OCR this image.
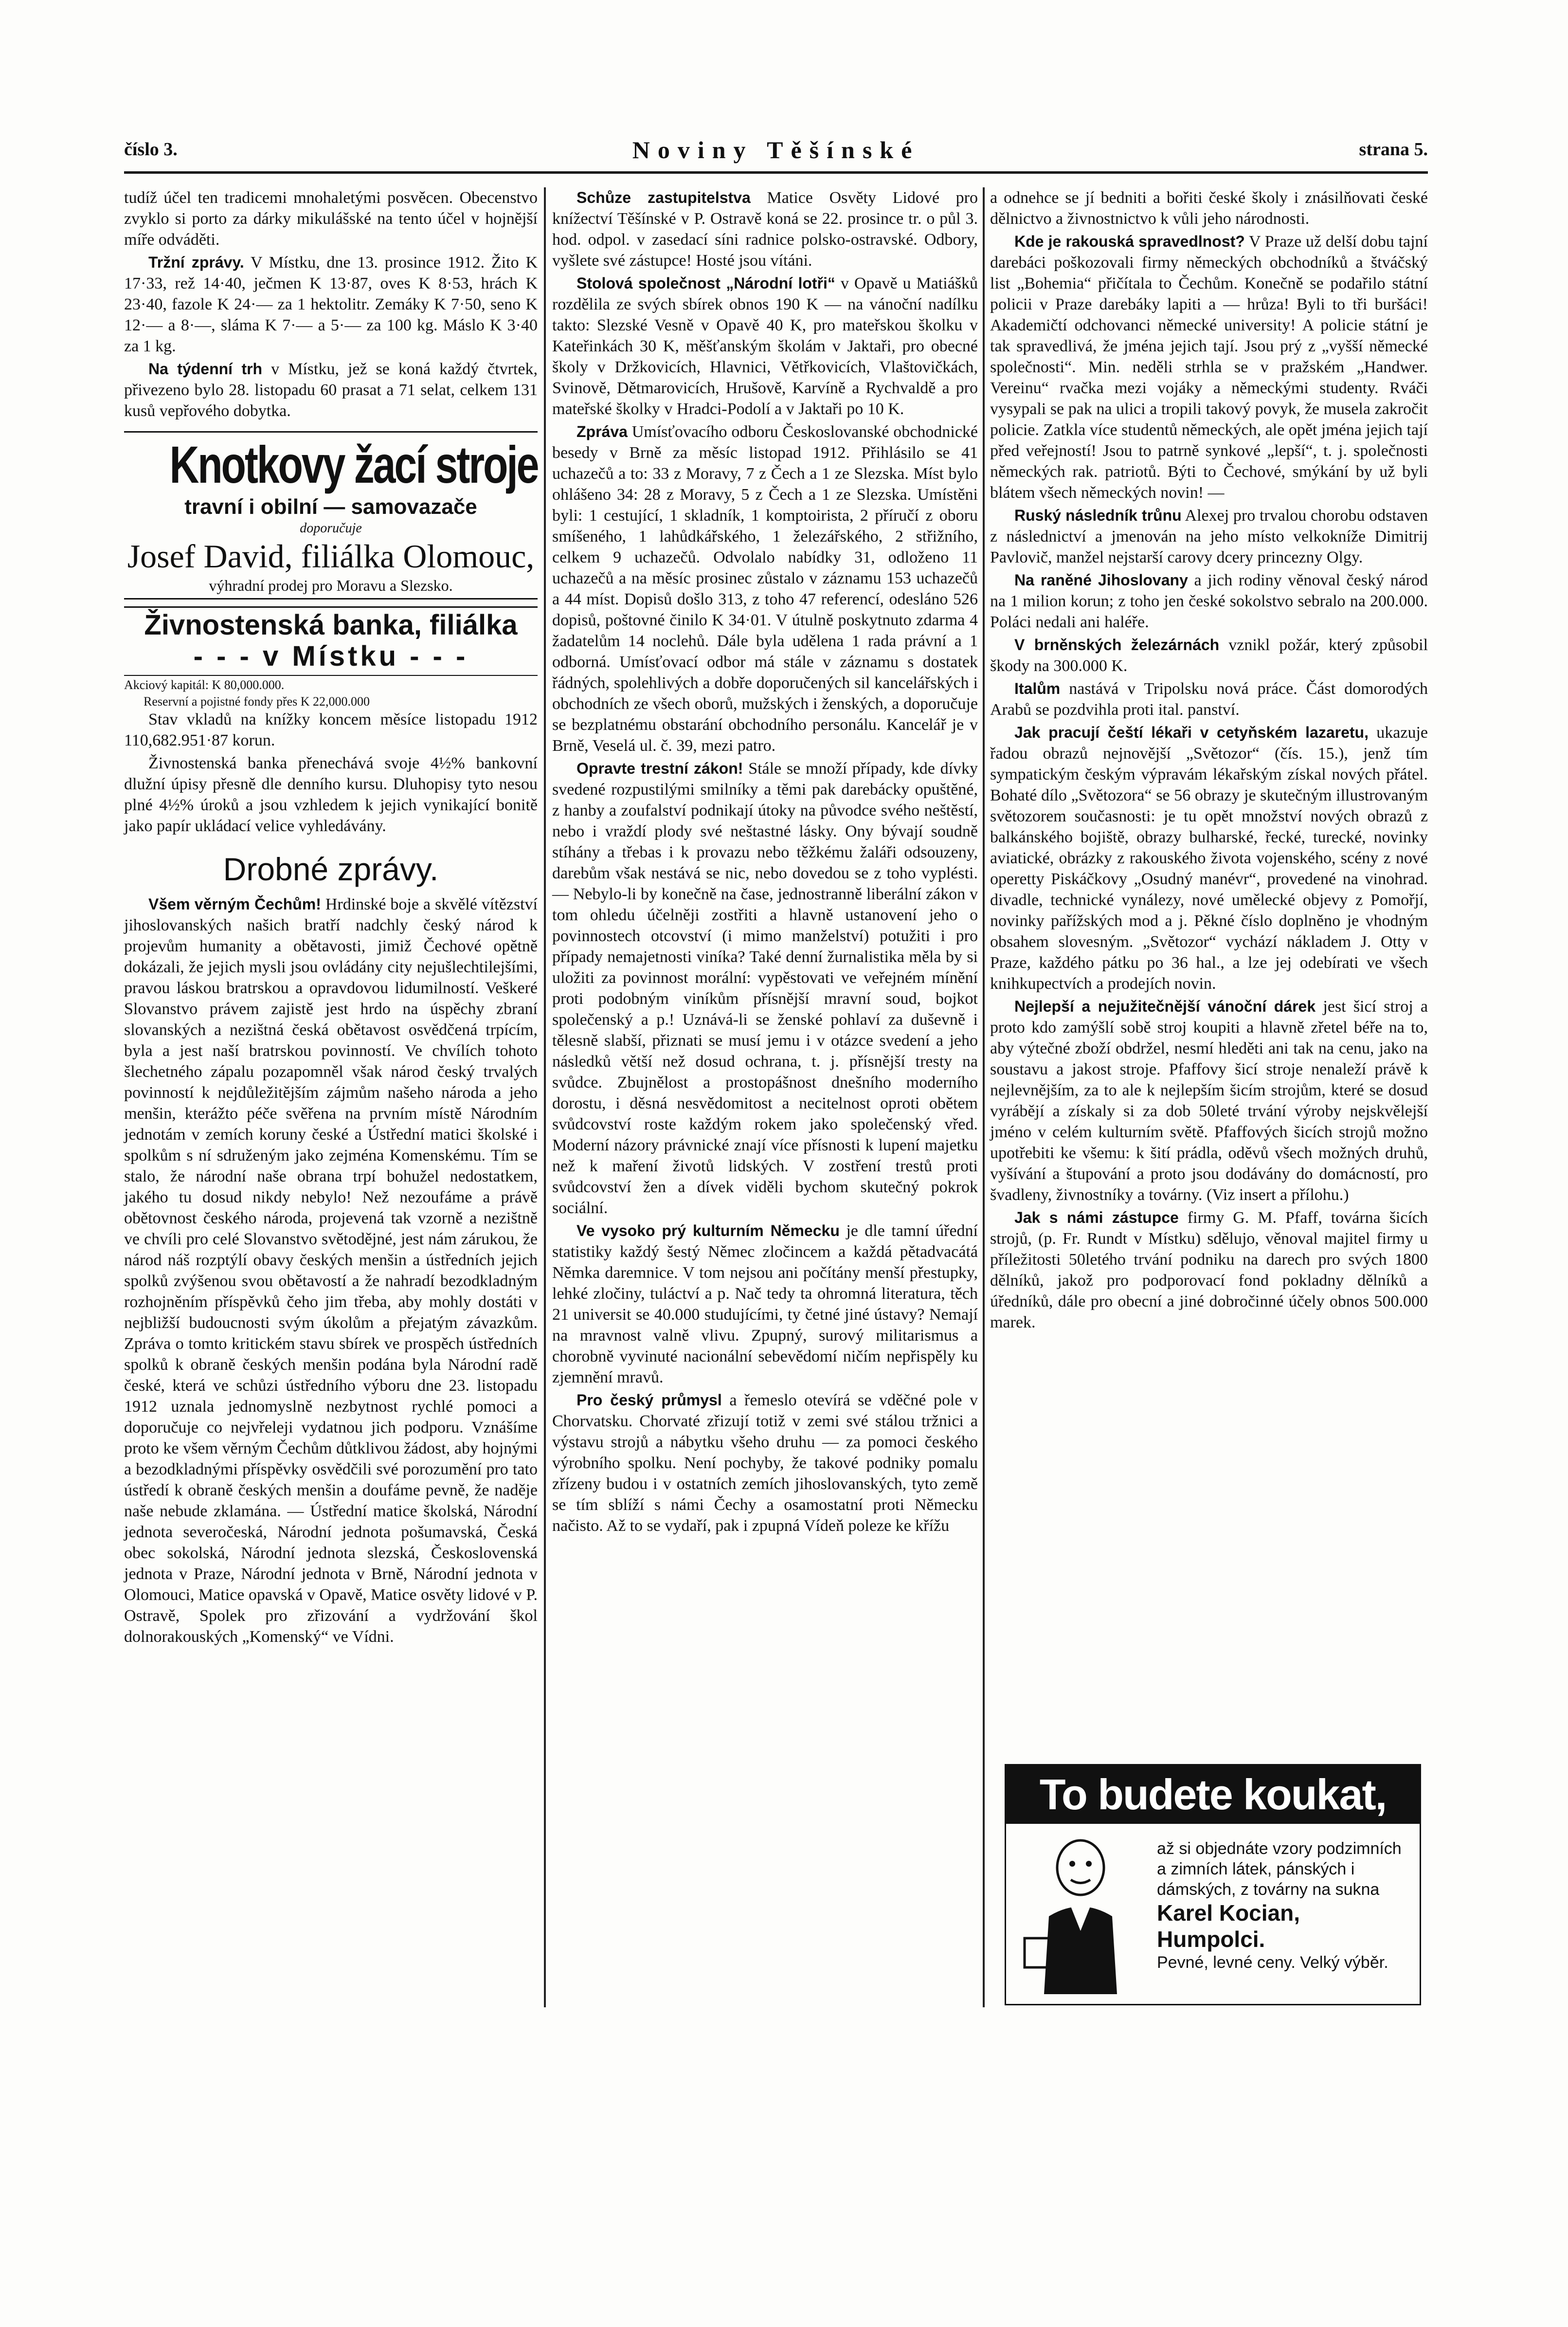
číslo 3.	Noviny Těšínské	strana 5.

tudíž účel ten tradicemi mnohaletými posvěcen. Obecenstvo zvyklo si porto za dárky mikulášské na tento účel v hojnější míře odváděti.

Tržní zprávy. V Místku, dne 13. prosince 1912. Žito K 17·33, rež 14·40, ječmen K 13·87, oves K 8·53, hrách K 23·40, fazole K 24·— za 1 hektolitr. Zemáky K 7·50, seno K 12·— a 8·—, sláma K 7·— a 5·— za 100 kg. Máslo K 3·40 za 1 kg.

Na týdenní trh v Místku, jež se koná každý čtvrtek, přivezeno bylo 28. listopadu 60 prasat a 71 selat, celkem 131 kusů vepřového dobytka.

Knotkovy žací stroje
travní i obilní — samovazače
doporučuje
Josef David, filiálka Olomouc,
výhradní prodej pro Moravu a Slezsko.
Živnostenská banka, filiálka
- - - v Místku - - -
Akciový kapitál: K 80,000.000.
Reservní a pojistné fondy přes K 22,000.000

Stav vkladů na knížky koncem měsíce listopadu 1912 110,682.951·87 korun.

Živnostenská banka přenechává svoje 4½% bankovní dlužní úpisy přesně dle denního kursu. Dluhopisy tyto nesou plné 4½% úroků a jsou vzhledem k jejich vynikající bonitě jako papír ukládací velice vyhledávány.

Drobné zprávy.

Všem věrným Čechům! Hrdinské boje a skvělé vítězství jihoslovanských našich bratří nadchly český národ k projevům humanity a obětavosti, jimiž Čechové opětně dokázali, že jejich mysli jsou ovládány city nejušlechtilejšími, pravou láskou bratrskou a opravdovou lidumilností. Veškeré Slovanstvo právem zajistě jest hrdo na úspěchy zbraní slovanských a nezištná česká obětavost osvědčená trpícím, byla a jest naší bratrskou povinností. Ve chvílích tohoto šlechetného zápalu pozapomněl však národ český trvalých povinností k nejdůležitějším zájmům našeho národa a jeho menšin, kterážto péče svěřena na prvním místě Národním jednotám v zemích koruny české a Ústřední matici školské i spolkům s ní sdruženým jako zejména Komenskému. Tím se stalo, že národní naše obrana trpí bohužel nedostatkem, jakého tu dosud nikdy nebylo! Než nezoufáme a právě obětovnost českého národa, projevená tak vzorně a nezištně ve chvíli pro celé Slovanstvo světodějné, jest nám zárukou, že národ náš rozptýlí obavy českých menšin a ústředních jejich spolků zvýšenou svou obětavostí a že nahradí bezodkladným rozhojněním příspěvků čeho jim třeba, aby mohly dostáti v nejbližší budoucnosti svým úkolům a přejatým závazkům. Zpráva o tomto kritickém stavu sbírek ve prospěch ústředních spolků k obraně českých menšin podána byla Národní radě české, která ve schůzi ústředního výboru dne 23. listopadu 1912 uznala jednomyslně nezbytnost rychlé pomoci a doporučuje co nejvřeleji vydatnou jich podporu. Vznášíme proto ke všem věrným Čechům důtklivou žádost, aby hojnými a bezodkladnými příspěvky osvědčili své porozumění pro tato ústředí k obraně českých menšin a doufáme pevně, že naděje naše nebude zklamána. — Ústřední matice školská, Národní jednota severočeská, Národní jednota pošumavská, Česká obec sokolská, Národní jednota slezská, Československá jednota v Praze, Národní jednota v Brně, Národní jednota v Olomouci, Matice opavská v Opavě, Matice osvěty lidové v P. Ostravě, Spolek pro zřizování a vydržování škol dolnorakouských „Komenský“ ve Vídni.

Schůze zastupitelstva Matice Osvěty Lidové pro knížectví Těšínské v P. Ostravě koná se 22. prosince tr. o půl 3. hod. odpol. v zasedací síni radnice polsko-ostravské. Odbory, vyšlete své zástupce! Hosté jsou vítáni.

Stolová společnost „Národní lotři“ v Opavě u Matiášků rozdělila ze svých sbírek obnos 190 K — na vánoční nadílku takto: Slezské Vesně v Opavě 40 K, pro mateřskou školku v Kateřinkách 30 K, měšťanským školám v Jaktaři, pro obecné školy v Držkovicích, Hlavnici, Větřkovicích, Vlaštovičkách, Svinově, Dětmarovicích, Hrušově, Karvíně a Rychvaldě a pro mateřské školky v Hradci-Podolí a v Jaktaři po 10 K.

Zpráva Umísťovacího odboru Českoslovanské obchodnické besedy v Brně za měsíc listopad 1912. Přihlásilo se 41 uchazečů a to: 33 z Moravy, 7 z Čech a 1 ze Slezska. Míst bylo ohlášeno 34: 28 z Moravy, 5 z Čech a 1 ze Slezska. Umístěni byli: 1 cestující, 1 skladník, 1 komptoirista, 2 příručí z oboru smíšeného, 1 lahůdkářského, 1 železářského, 2 střižního, celkem 9 uchazečů. Odvolalo nabídky 31, odloženo 11 uchazečů a na měsíc prosinec zůstalo v záznamu 153 uchazečů a 44 míst. Dopisů došlo 313, z toho 47 referencí, odesláno 526 dopisů, poštovné činilo K 34·01. V útulně poskytnuto zdarma 4 žadatelům 14 noclehů. Dále byla udělena 1 rada právní a 1 odborná. Umísťovací odbor má stále v záznamu s dostatek řádných, spolehlivých a dobře doporučených sil kancelářských i obchodních ze všech oborů, mužských i ženských, a doporučuje se bezplatnému obstarání obchodního personálu. Kancelář je v Brně, Veselá ul. č. 39, mezi patro.

Opravte trestní zákon! Stále se množí případy, kde dívky svedené rozpustilými smilníky a těmi pak darebácky opuštěné, z hanby a zoufalství podnikají útoky na původce svého neštěstí, nebo i vraždí plody své neštastné lásky. Ony bývají soudně stíhány a třebas i k provazu nebo těžkému žaláři odsouzeny, darebům však nestává se nic, nebo dovedou se z toho vyplésti. — Nebylo-li by konečně na čase, jednostranně liberální zákon v tom ohledu účelněji zostřiti a hlavně ustanovení jeho o povinnostech otcovství (i mimo manželství) potužiti i pro případy nemajetnosti viníka? Také denní žurnalistika měla by si uložiti za povinnost morální: vypěstovati ve veřejném mínění proti podobným viníkům přísnější mravní soud, bojkot společenský a p.! Uznává-li se ženské pohlaví za duševně i tělesně slabší, přiznati se musí jemu i v otázce svedení a jeho následků větší než dosud ochrana, t. j. přísnější tresty na svůdce. Zbujnělost a prostopášnost dnešního moderního dorostu, i děsná nesvědomitost a necitelnost oproti obětem svůdcovství roste každým rokem jako společenský vřed. Moderní názory právnické znají více přísnosti k lupení majetku než k maření životů lidských. V zostření trestů proti svůdcovství žen a dívek viděli bychom skutečný pokrok sociální.

Ve vysoko prý kulturním Německu je dle tamní úřední statistiky každý šestý Němec zločincem a každá pětadvacátá Němka daremnice. V tom nejsou ani počítány menší přestupky, lehké zločiny, tuláctví a p. Nač tedy ta ohromná literatura, těch 21 universit se 40.000 studujícími, ty četné jiné ústavy? Nemají na mravnost valně vlivu. Zpupný, surový militarismus a chorobně vyvinuté nacionální sebevědomí ničím nepřispěly ku zjemnění mravů.

Pro český průmysl a řemeslo otevírá se vděčné pole v Chorvatsku. Chorvaté zřizují totiž v zemi své stálou tržnici a výstavu strojů a nábytku všeho druhu — za pomoci českého výrobního spolku. Není pochyby, že takové podniky pomalu zřízeny budou i v ostatních zemích jihoslovanských, tyto země se tím sblíží s námi Čechy a osamostatní proti Německu načisto. Až to se vydaří, pak i zpupná Vídeň poleze ke křížu

a odnehce se jí bedniti a bořiti české školy i znásilňovati české dělnictvo a živnostnictvo k vůli jeho národnosti.

Kde je rakouská spravedlnost? V Praze už delší dobu tajní darebáci poškozovali firmy německých obchodníků a štváčský list „Bohemia“ přičítala to Čechům. Konečně se podařilo státní policii v Praze darebáky lapiti a — hrůza! Byli to tři buršáci! Akademičtí odchovanci německé university! A policie státní je tak spravedlivá, že jména jejich tají. Jsou prý z „vyšší německé společnosti“. Min. neděli strhla se v pražském „Handwer. Vereinu“ rvačka mezi vojáky a německými studenty. Rváči vysypali se pak na ulici a tropili takový povyk, že musela zakročit policie. Zatkla více studentů německých, ale opět jména jejich tají před veřejností! Jsou to patrně synkové „lepší“, t. j. společnosti německých rak. patriotů. Býti to Čechové, smýkání by už byli blátem všech německých novin! —

Ruský následník trůnu Alexej pro trvalou chorobu odstaven z následnictví a jmenován na jeho místo velkokníže Dimitrij Pavlovič, manžel nejstarší carovy dcery princezny Olgy.

Na raněné Jihoslovany a jich rodiny věnoval český národ na 1 milion korun; z toho jen české sokolstvo sebralo na 200.000. Poláci nedali ani haléře.

V brněnských železárnách vznikl požár, který způsobil škody na 300.000 K.

Italům nastává v Tripolsku nová práce. Část domorodých Arabů se pozdvihla proti ital. panství.

Jak pracují čeští lékaři v cetyňském lazaretu, ukazuje řadou obrazů nejnovější „Světozor“ (čís. 15.), jenž tím sympatickým českým výpravám lékařským získal nových přátel. Bohaté dílo „Světozora“ se 56 obrazy je skutečným illustrovaným světozorem současnosti: je tu opět množství nových obrazů z balkánského bojiště, obrazy bulharské, řecké, turecké, novinky aviatické, obrázky z rakouského života vojenského, scény z nové operetty Piskáčkovy „Osudný manévr“, provedené na vinohrad. divadle, technické vynálezy, nové umělecké objevy z Pomořjí, novinky pařížských mod a j. Pěkné číslo doplněno je vhodným obsahem slovesným. „Světozor“ vychází nákladem J. Otty v Praze, každého pátku po 36 hal., a lze jej odebírati ve všech knihkupectvích a prodejích novin.

Nejlepší a nejužitečnější vánoční dárek jest šicí stroj a proto kdo zamýšlí sobě stroj koupiti a hlavně zřetel béře na to, aby výtečné zboží obdržel, nesmí hleděti ani tak na cenu, jako na soustavu a jakost stroje. Pfaffovy šicí stroje nenaleží právě k nejlevnějším, za to ale k nejlepším šicím strojům, které se dosud vyrábějí a získaly si za dob 50leté trvání výroby nejskvělejší jméno v celém kulturním světě. Pfaffových šicích strojů možno upotřebiti ke všemu: k šití prádla, oděvů všech možných druhů, vyšívání a štupování a proto jsou dodávány do domácností, pro švadleny, živnostníky a továrny. (Viz insert a přílohu.)

Jak s námi zástupce firmy G. M. Pfaff, továrna šicích strojů, (p. Fr. Rundt v Místku) sdělujo, věnoval majitel firmy u příležitosti 50letého trvání podniku na darech pro svých 1800 dělníků, jakož pro podporovací fond pokladny dělníků a úředníků, dále pro obecní a jiné dobročinné účely obnos 500.000 marek.

To budete koukat,
až si objednáte vzory podzimních a zimních látek, pánských i dámských, z továrny na sukna
Karel Kocian, Humpolci.
Pevné, levné ceny. Velký výběr.
